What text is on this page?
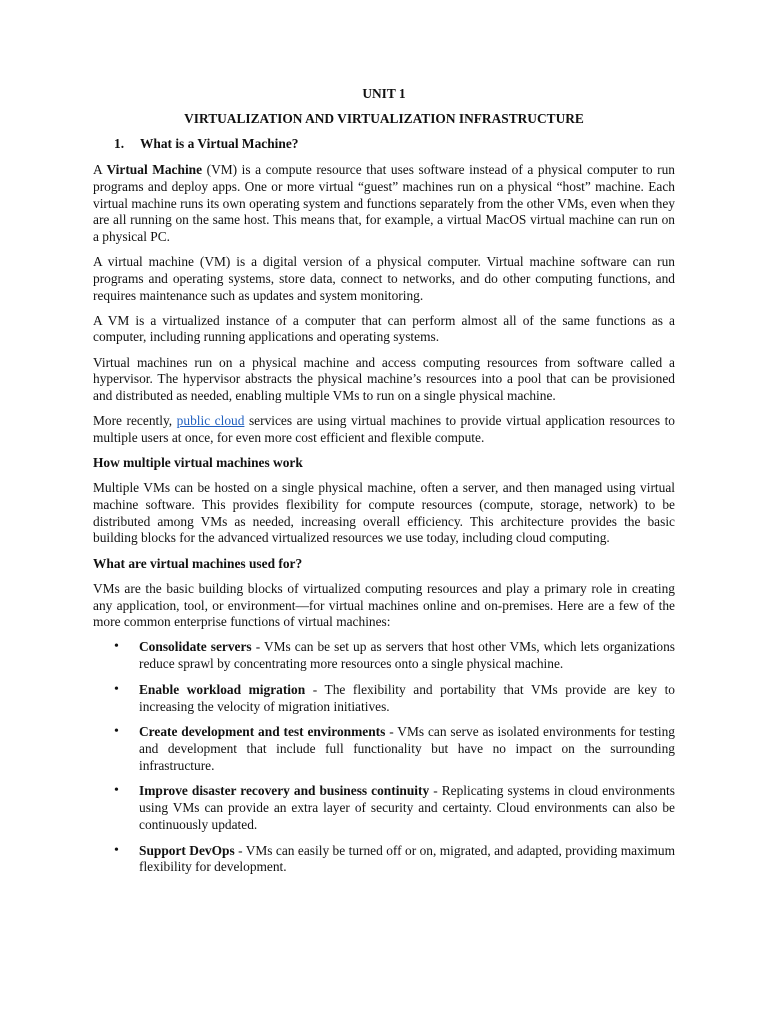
UNIT 1
VIRTUALIZATION AND VIRTUALIZATION INFRASTRUCTURE
1. What is a Virtual Machine?

A Virtual Machine (VM) is a compute resource that uses software instead of a physical computer to run programs and deploy apps. One or more virtual “guest” machines run on a physical “host” machine. Each virtual machine runs its own operating system and functions separately from the other VMs, even when they are all running on the same host. This means that, for example, a virtual MacOS virtual machine can run on a physical PC.

A virtual machine (VM) is a digital version of a physical computer. Virtual machine software can run programs and operating systems, store data, connect to networks, and do other computing functions, and requires maintenance such as updates and system monitoring.

A VM is a virtualized instance of a computer that can perform almost all of the same functions as a computer, including running applications and operating systems.

Virtual machines run on a physical machine and access computing resources from software called a hypervisor. The hypervisor abstracts the physical machine’s resources into a pool that can be provisioned and distributed as needed, enabling multiple VMs to run on a single physical machine.

More recently, public cloud services are using virtual machines to provide virtual application resources to multiple users at once, for even more cost efficient and flexible compute.

How multiple virtual machines work

Multiple VMs can be hosted on a single physical machine, often a server, and then managed using virtual machine software. This provides flexibility for compute resources (compute, storage, network) to be distributed among VMs as needed, increasing overall efficiency. This architecture provides the basic building blocks for the advanced virtualized resources we use today, including cloud computing.

What are virtual machines used for?

VMs are the basic building blocks of virtualized computing resources and play a primary role in creating any application, tool, or environment—for virtual machines online and on-premises. Here are a few of the more common enterprise functions of virtual machines:

• Consolidate servers - VMs can be set up as servers that host other VMs, which lets organizations reduce sprawl by concentrating more resources onto a single physical machine.
• Enable workload migration - The flexibility and portability that VMs provide are key to increasing the velocity of migration initiatives.
• Create development and test environments - VMs can serve as isolated environments for testing and development that include full functionality but have no impact on the surrounding infrastructure.
• Improve disaster recovery and business continuity - Replicating systems in cloud environments using VMs can provide an extra layer of security and certainty. Cloud environments can also be continuously updated.
• Support DevOps - VMs can easily be turned off or on, migrated, and adapted, providing maximum flexibility for development.
